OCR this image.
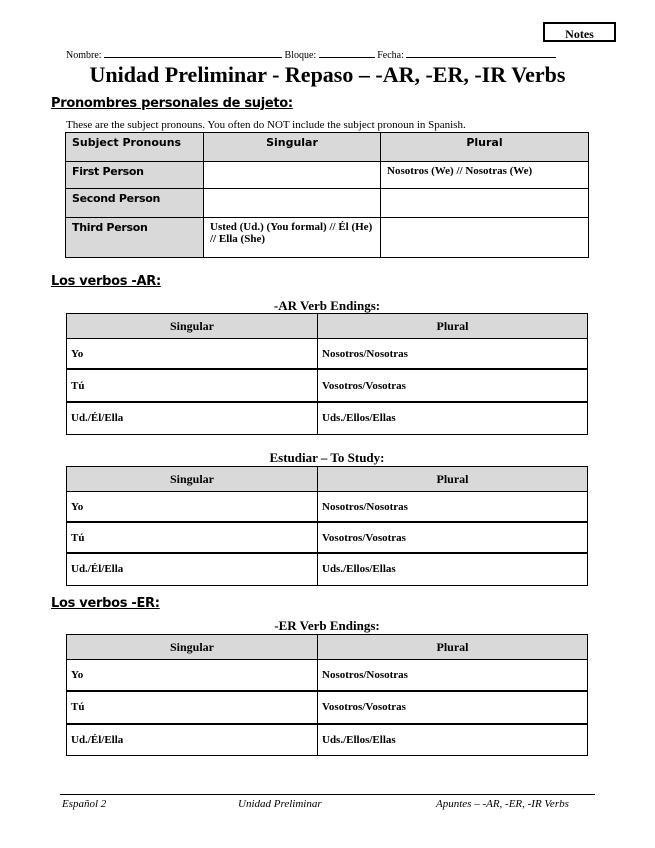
Notes
Nombre:	Bloque:	Fecha:
Unidad Preliminar - Repaso – -AR, -ER, -IR Verbs
Pronombres personales de sujeto:
These are the subject pronouns. You often do NOT include the subject pronoun in Spanish.
Subject Pronouns	Singular	Plural
First Person		Nosotros (We) // Nosotras (We)
Second Person		
Third Person	Usted (Ud.) (You formal) // Él (He) // Ella (She)	
Los verbos -AR:
-AR Verb Endings:
Singular	Plural
Yo	Nosotros/Nosotras
Tú	Vosotros/Vosotras
Ud./Él/Ella	Uds./Ellos/Ellas
Estudiar – To Study:
Singular	Plural
Yo	Nosotros/Nosotras
Tú	Vosotros/Vosotras
Ud./Él/Ella	Uds./Ellos/Ellas
Los verbos -ER:
-ER Verb Endings:
Singular	Plural
Yo	Nosotros/Nosotras
Tú	Vosotros/Vosotras
Ud./Él/Ella	Uds./Ellos/Ellas
Español 2	Unidad Preliminar	Apuntes – -AR, -ER, -IR Verbs
